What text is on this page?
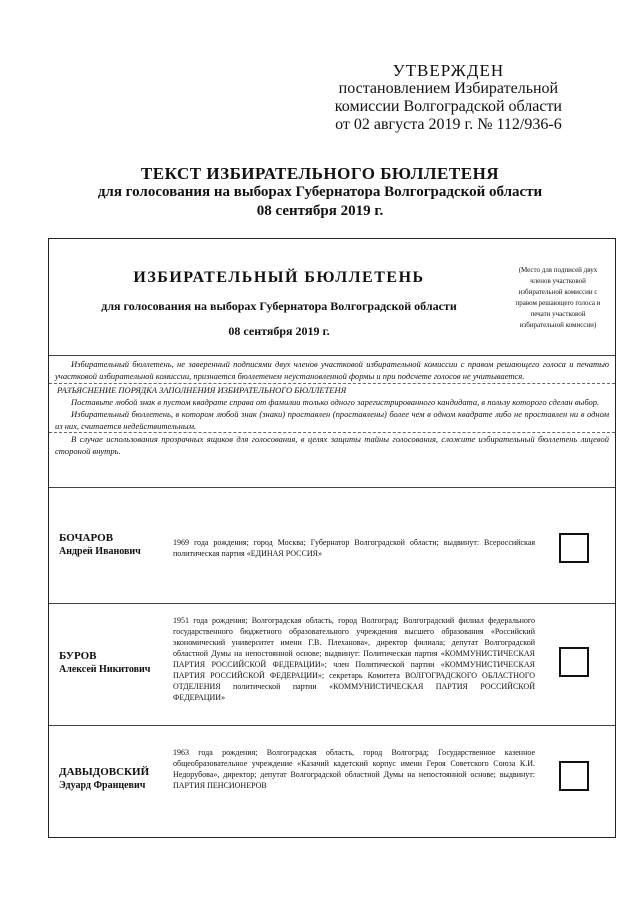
УТВЕРЖДЕН
постановлением Избирательной
комиссии Волгоградской области
от 02 августа 2019 г. № 112/936-6
ТЕКСТ ИЗБИРАТЕЛЬНОГО БЮЛЛЕТЕНЯ
для голосования на выборах Губернатора Волгоградской области
08 сентября 2019 г.
ИЗБИРАТЕЛЬНЫЙ БЮЛЛЕТЕНЬ
для голосования на выборах Губернатора Волгоградской области
08 сентября 2019 г.
(Место для подписей двух членов участковой избирательной комиссии с правом решающего голоса и печати участковой избирательной комиссии)

Избирательный бюллетень, не заверенный подписями двух членов участковой избирательной комиссии с правом решающего голоса и печатью участковой избирательной комиссии, признается бюллетенем неустановленной формы и при подсчете голосов не учитывается.

РАЗЪЯСНЕНИЕ ПОРЯДКА ЗАПОЛНЕНИЯ ИЗБИРАТЕЛЬНОГО БЮЛЛЕТЕНЯ

Поставьте любой знак в пустом квадрате справа от фамилии только одного зарегистрированного кандидата, в пользу которого сделан выбор.

Избирательный бюллетень, в котором любой знак (знаки) проставлен (проставлены) более чем в одном квадрате либо не проставлен ни в одном из них, считается недействительным.

В случае использования прозрачных ящиков для голосования, в целях защиты тайны голосования, сложите избирательный бюллетень лицевой стороной внутрь.

БОЧАРОВ
Андрей Иванович
1969 года рождения; город Москва; Губернатор Волгоградской области; выдвинут: Всероссийская политическая партия «ЕДИНАЯ РОССИЯ»
БУРОВ
Алексей Никитович
1951 года рождения; Волгоградская область, город Волгоград; Волгоградский филиал федерального государственного бюджетного образовательного учреждения высшего образования «Российский экономический университет имени Г.В. Плеханова», директор филиала; депутат Волгоградской областной Думы на непостоянной основе; выдвинут: Политическая партия «КОММУНИСТИЧЕСКАЯ ПАРТИЯ РОССИЙСКОЙ ФЕДЕРАЦИИ»; член Политической партии «КОММУНИСТИЧЕСКАЯ ПАРТИЯ РОССИЙСКОЙ ФЕДЕРАЦИИ»; секретарь Комитета ВОЛГОГРАДСКОГО ОБЛАСТНОГО ОТДЕЛЕНИЯ политической партии «КОММУНИСТИЧЕСКАЯ ПАРТИЯ РОССИЙСКОЙ ФЕДЕРАЦИИ»
ДАВЫДОВСКИЙ
Эдуард Францевич
1963 года рождения; Волгоградская область, город Волгоград; Государственное казенное общеобразовательное учреждение «Казачий кадетский корпус имени Героя Советского Союза К.И. Недорубова», директор; депутат Волгоградской областной Думы на непостоянной основе; выдвинут: ПАРТИЯ ПЕНСИОНЕРОВ
